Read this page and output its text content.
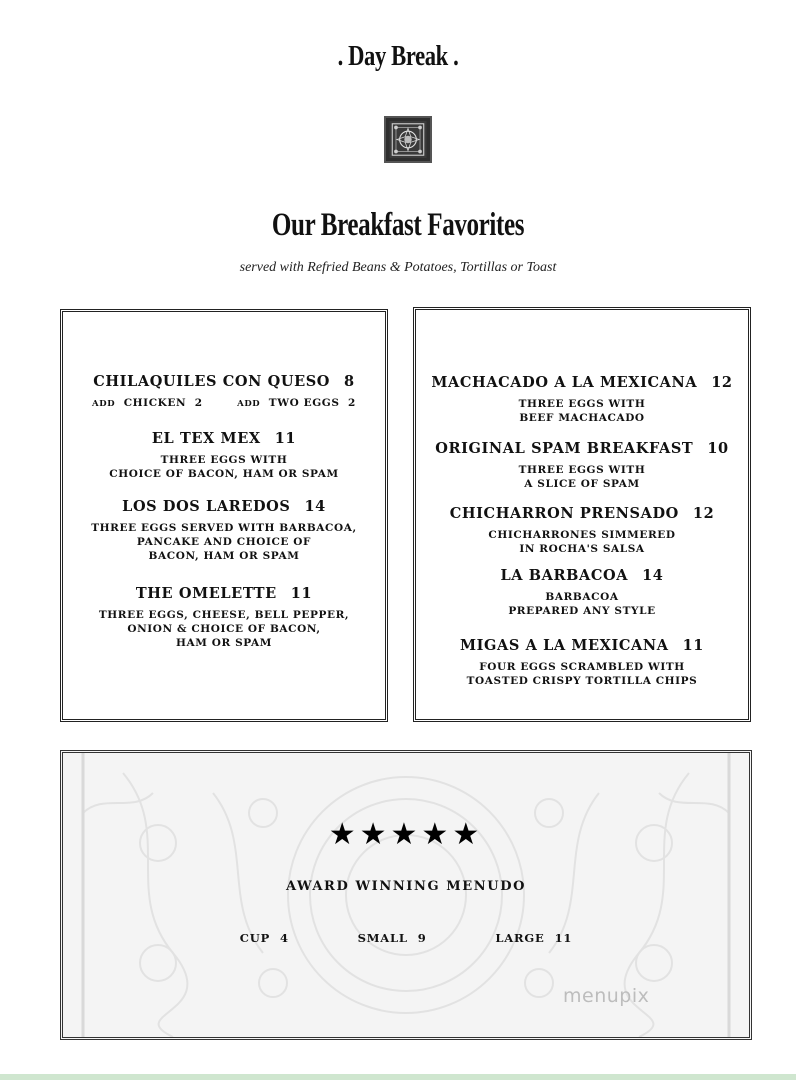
. Day Break .
Our Breakfast Favorites
served with Refried Beans & Potatoes, Tortillas or Toast
CHILAQUILES CON QUESO 8
ADD CHICKEN 2	ADD TWO EGGS 2
EL TEX MEX 11
THREE EGGS WITH
CHOICE OF BACON, HAM OR SPAM
LOS DOS LAREDOS 14
THREE EGGS SERVED WITH BARBACOA,
PANCAKE AND CHOICE OF
BACON, HAM OR SPAM
THE OMELETTE 11
THREE EGGS, CHEESE, BELL PEPPER,
ONION & CHOICE OF BACON,
HAM OR SPAM
MACHACADO A LA MEXICANA 12
THREE EGGS WITH
BEEF MACHACADO
ORIGINAL SPAM BREAKFAST 10
THREE EGGS WITH
A SLICE OF SPAM
CHICHARRON PRENSADO 12
CHICHARRONES SIMMERED
IN ROCHA'S SALSA
LA BARBACOA 14
BARBACOA
PREPARED ANY STYLE
MIGAS A LA MEXICANA 11
FOUR EGGS SCRAMBLED WITH
TOASTED CRISPY TORTILLA CHIPS
★★★★★
AWARD WINNING MENUDO
CUP 4	SMALL 9	LARGE 11
menupix
